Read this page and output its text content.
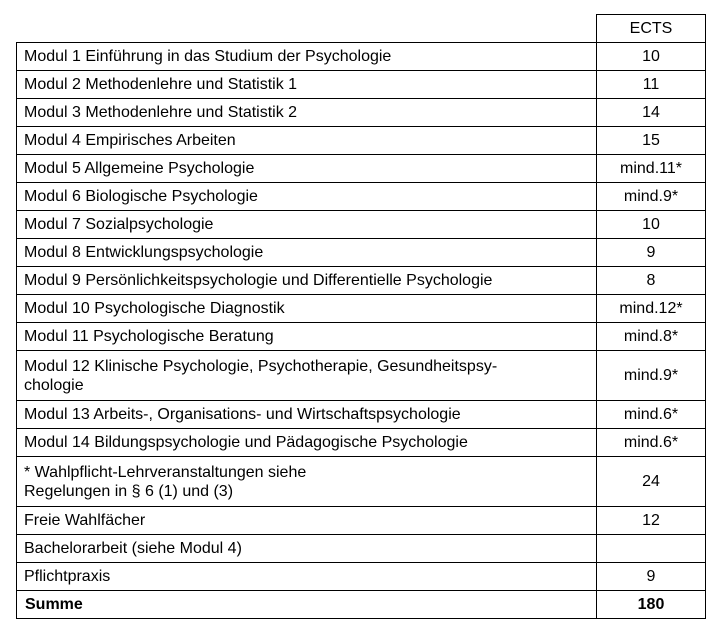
	ECTS
Modul 1 Einführung in das Studium der Psychologie	10
Modul 2 Methodenlehre und Statistik 1	11
Modul 3 Methodenlehre und Statistik 2	14
Modul 4 Empirisches Arbeiten	15
Modul 5 Allgemeine Psychologie	mind.11*
Modul 6 Biologische Psychologie	mind.9*
Modul 7 Sozialpsychologie	10
Modul 8 Entwicklungspsychologie	9
Modul 9 Persönlichkeitspsychologie und Differentielle Psychologie	8
Modul 10 Psychologische Diagnostik	mind.12*
Modul 11 Psychologische Beratung	mind.8*
Modul 12 Klinische Psychologie, Psychotherapie, Gesundheitspsy-
chologie	mind.9*
Modul 13 Arbeits-, Organisations- und Wirtschaftspsychologie	mind.6*
Modul 14 Bildungspsychologie und Pädagogische Psychologie	mind.6*
* Wahlpflicht-Lehrveranstaltungen siehe
Regelungen in § 6 (1) und (3)	24
Freie Wahlfächer	12
Bachelorarbeit (siehe Modul 4)	
Pflichtpraxis	9
Summe	180
